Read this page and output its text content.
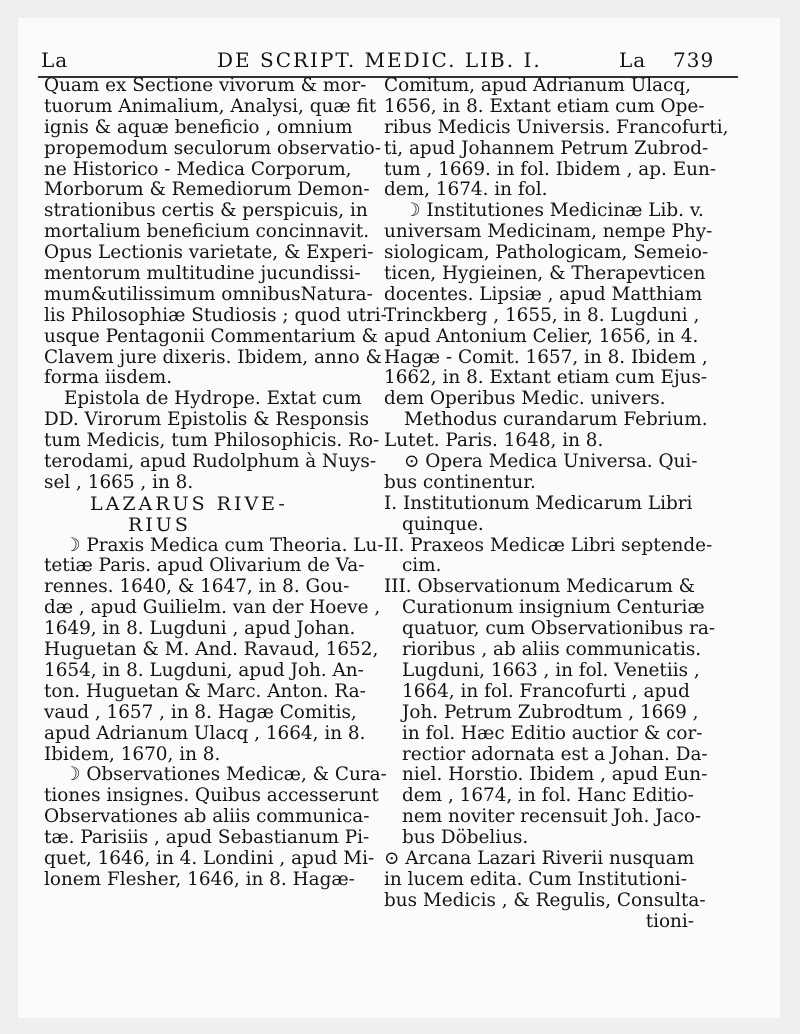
La	DE SCRIPT. MEDIC. LIB. I.	La 739
Quam ex Sectione vivorum & mor-
tuorum Animalium, Analysi, quæ fit
ignis & aquæ beneficio , omnium
propemodum seculorum observatio-
ne Historico - Medica Corporum,
Morborum & Remediorum Demon-
strationibus certis & perspicuis, in
mortalium beneficium concinnavit.
Opus Lectionis varietate, & Experi-
mentorum multitudine jucundissi-
mum&utilissimum omnibusNatura-
lis Philosophiæ Studiosis ; quod utri-
usque Pentagonii Commentarium &
Clavem jure dixeris. Ibidem, anno &
forma iisdem.
Epistola de Hydrope. Extat cum
DD. Virorum Epistolis & Responsis
tum Medicis, tum Philosophicis. Ro-
terodami, apud Rudolphum à Nuys-
sel , 1665 , in 8.
LAZARUS RIVE-
RIUS
☽ Praxis Medica cum Theoria. Lu-
tetiæ Paris. apud Olivarium de Va-
rennes. 1640, & 1647, in 8. Gou-
dæ , apud Guilielm. van der Hoeve ,
1649, in 8. Lugduni , apud Johan.
Huguetan & M. And. Ravaud, 1652,
1654, in 8. Lugduni, apud Joh. An-
ton. Huguetan & Marc. Anton. Ra-
vaud , 1657 , in 8. Hagæ Comitis,
apud Adrianum Ulacq , 1664, in 8.
Ibidem, 1670, in 8.
☽ Observationes Medicæ, & Cura-
tiones insignes. Quibus accesserunt
Observationes ab aliis communica-
tæ. Parisiis , apud Sebastianum Pi-
quet, 1646, in 4. Londini , apud Mi-
lonem Flesher, 1646, in 8. Hagæ-
Comitum, apud Adrianum Ulacq,
1656, in 8. Extant etiam cum Ope-
ribus Medicis Universis. Francofurti,
ti, apud Johannem Petrum Zubrod-
tum , 1669. in fol. Ibidem , ap. Eun-
dem, 1674. in fol.
☽ Institutiones Medicinæ Lib. v.
universam Medicinam, nempe Phy-
siologicam, Pathologicam, Semeio-
ticen, Hygieinen, & Therapevticen
docentes. Lipsiæ , apud Matthiam
Trinckberg , 1655, in 8. Lugduni ,
apud Antonium Celier, 1656, in 4.
Hagæ - Comit. 1657, in 8. Ibidem ,
1662, in 8. Extant etiam cum Ejus-
dem Operibus Medic. univers.
Methodus curandarum Febrium.
Lutet. Paris. 1648, in 8.
⊙ Opera Medica Universa. Qui-
bus continentur.
I. Institutionum Medicarum Libri
quinque.
II. Praxeos Medicæ Libri septende-
cim.
III. Observationum Medicarum &
Curationum insignium Centuriæ
quatuor, cum Observationibus ra-
rioribus , ab aliis communicatis.
Lugduni, 1663 , in fol. Venetiis ,
1664, in fol. Francofurti , apud
Joh. Petrum Zubrodtum , 1669 ,
in fol. Hæc Editio auctior & cor-
rectior adornata est a Johan. Da-
niel. Horstio. Ibidem , apud Eun-
dem , 1674, in fol. Hanc Editio-
nem noviter recensuit Joh. Jaco-
bus Döbelius.
⊙ Arcana Lazari Riverii nusquam
in lucem edita. Cum Institutioni-
bus Medicis , & Regulis, Consulta-
tioni-
